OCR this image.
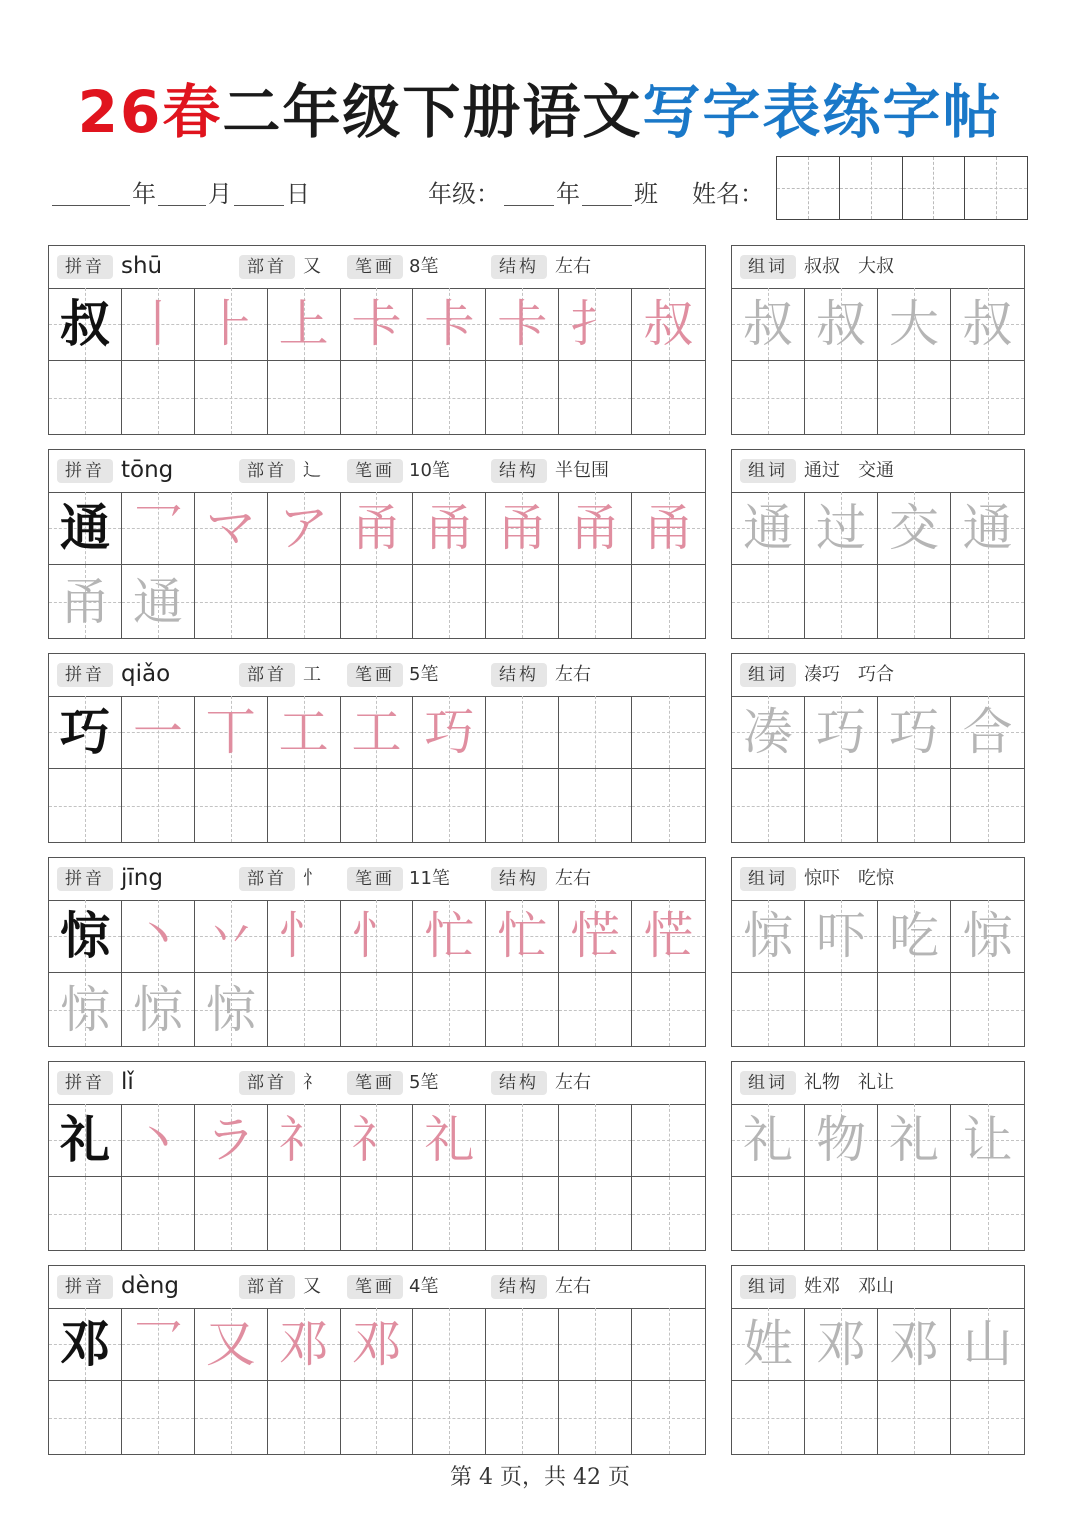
26春二年级下册语文写字表练字帖
年 月 日	年级： 年 班 姓名：
拼音 shū	部首 又	笔画 8笔	结构 左右
叔 丨 ⺊ 上 卡 卡 卡 扌 叔
组词 叔叔　大叔
叔 叔 大 叔
拼音 tōng	部首 辶	笔画 10笔	结构 半包围
通 乛 マ ア 甬 甬 甬 甬 甬
甬 通
组词 通过　交通
通 过 交 通
拼音 qiǎo	部首 工	笔画 5笔	结构 左右
巧 一 丅 工 工 巧
组词 凑巧　巧合
凑 巧 巧 合
拼音 jīng	部首 忄	笔画 11笔	结构 左右
惊 丶 丷 忄 忄 忙 忙 恾 恾
惊 惊 惊
组词 惊吓　吃惊
惊 吓 吃 惊
拼音 lǐ	部首 礻	笔画 5笔	结构 左右
礼 丶 ラ 礻 礻 礼
组词 礼物　礼让
礼 物 礼 让
拼音 dèng	部首 又	笔画 4笔	结构 左右
邓 乛 又 邓 邓
组词 姓邓　邓山
姓 邓 邓 山
第 4 页，共 42 页
